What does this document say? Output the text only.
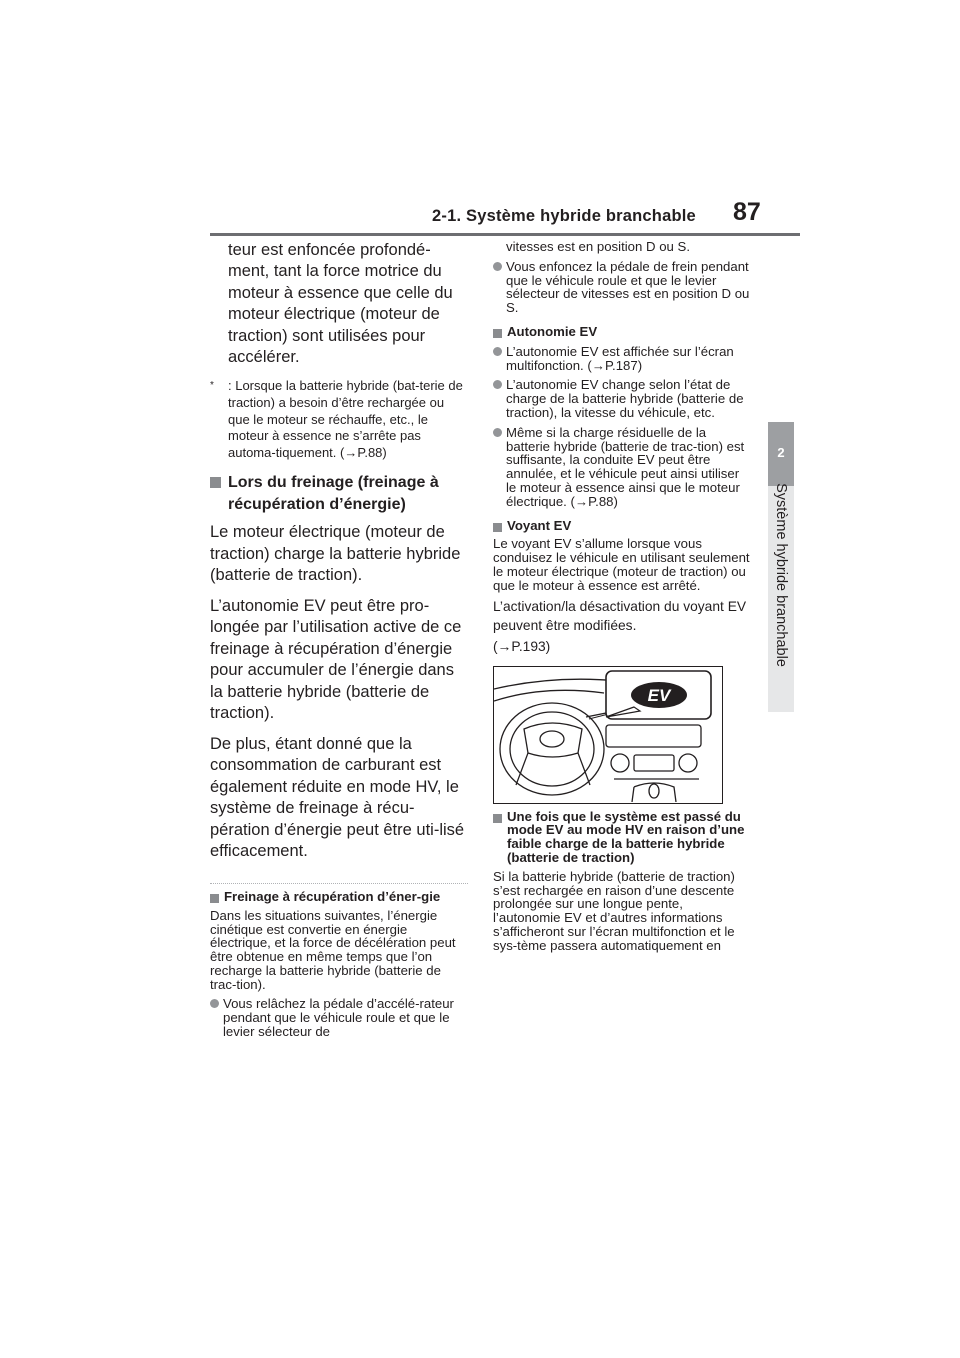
2-1. Système hybride branchable 87
2
Système hybride branchable
teur est enfoncée profondé-ment, tant la force motrice du moteur à essence que celle du moteur électrique (moteur de traction) sont utilisées pour accélérer.
*	: Lorsque la batterie hybride (bat-terie de traction) a besoin d’être rechargée ou que le moteur se réchauffe, etc., le moteur à essence ne s’arrête pas automa-tiquement. (→P.88)
Lors du freinage (freinage à récupération d’énergie)
Le moteur électrique (moteur de traction) charge la batterie hybride (batterie de traction).
L’autonomie EV peut être pro-longée par l’utilisation active de ce freinage à récupération d’énergie pour accumuler de l’énergie dans la batterie hybride (batterie de traction).
De plus, étant donné que la consommation de carburant est également réduite en mode HV, le système de freinage à récu-pération d’énergie peut être uti-lisé efficacement.
Freinage à récupération d’éner-gie
Dans les situations suivantes, l’énergie cinétique est convertie en énergie électrique, et la force de décélération peut être obtenue en même temps que l’on recharge la batterie hybride (batterie de trac-tion).
Vous relâchez la pédale d’accélé-rateur pendant que le véhicule roule et que le levier sélecteur de
vitesses est en position D ou S.
Vous enfoncez la pédale de frein pendant que le véhicule roule et que le levier sélecteur de vitesses est en position D ou S.
Autonomie EV
L’autonomie EV est affichée sur l’écran multifonction. (→P.187)
L’autonomie EV change selon l’état de charge de la batterie hybride (batterie de traction), la vitesse du véhicule, etc.
Même si la charge résiduelle de la batterie hybride (batterie de trac-tion) est suffisante, la conduite EV peut être annulée, et le véhicule peut ainsi utiliser le moteur à essence ainsi que le moteur électrique. (→P.88)
Voyant EV
Le voyant EV s’allume lorsque vous conduisez le véhicule en utilisant seulement le moteur électrique (moteur de traction) ou que le moteur à essence est arrêté.
L’activation/la désactivation du voyant EV peuvent être modifiées.
(→P.193)
EV
Une fois que le système est passé du mode EV au mode HV en raison d’une faible charge de la batterie hybride (batterie de traction)
Si la batterie hybride (batterie de traction) s’est rechargée en raison d’une descente prolongée sur une longue pente, l’autonomie EV et d’autres informations s’afficheront sur l’écran multifonction et le sys-tème passera automatiquement en
